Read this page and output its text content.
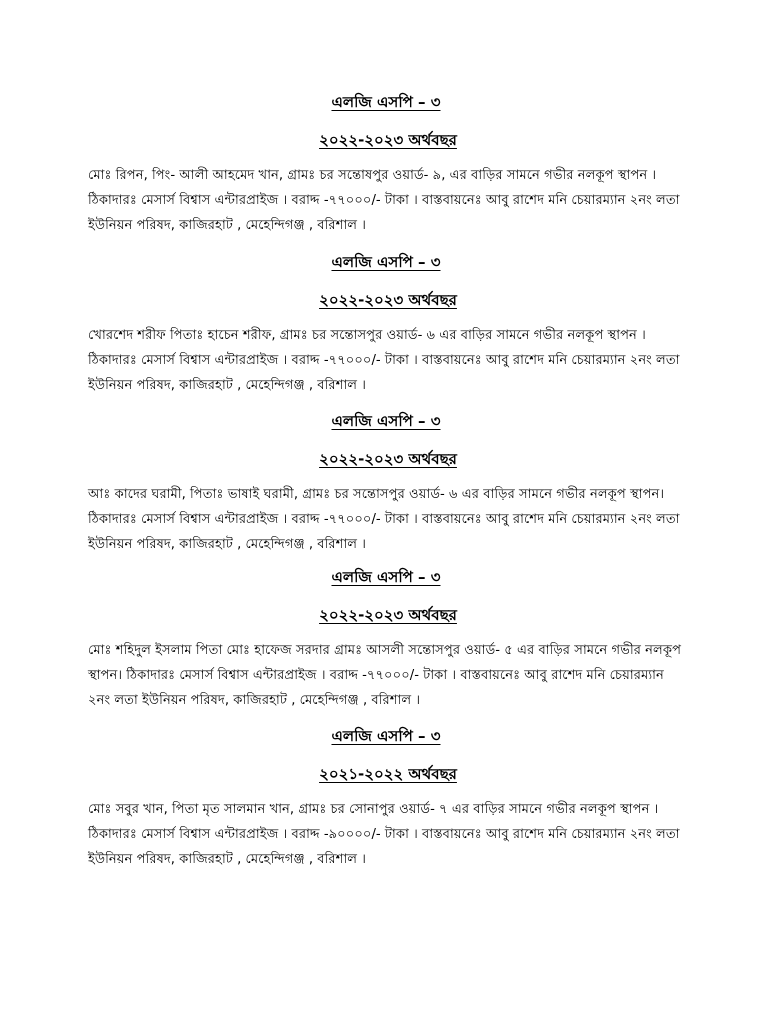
এলজি এসপি – ৩

২০২২-২০২৩ অর্থবছর

মোঃ রিপন, পিং- আলী আহমেদ খান, গ্রামঃ চর সন্তোষপুর ওয়ার্ড- ৯, এর বাড়ির সামনে গভীর নলকূপ স্থাপন । ঠিকাদারঃ মেসার্স বিশ্বাস এন্টারপ্রাইজ । বরাদ্দ -৭৭০০০/- টাকা । বাস্তবায়নেঃ আবু রাশেদ মনি চেয়ারম্যান ২নং লতা ইউনিয়ন পরিষদ, কাজিরহাট , মেহেন্দিগঞ্জ , বরিশাল ।

এলজি এসপি – ৩

২০২২-২০২৩ অর্থবছর

খোরশেদ শরীফ পিতাঃ হাচেন শরীফ, গ্রামঃ চর সন্তোসপুর ওয়ার্ড- ৬ এর বাড়ির সামনে গভীর নলকূপ স্থাপন । ঠিকাদারঃ মেসার্স বিশ্বাস এন্টারপ্রাইজ । বরাদ্দ -৭৭০০০/- টাকা । বাস্তবায়নেঃ আবু রাশেদ মনি চেয়ারম্যান ২নং লতা ইউনিয়ন পরিষদ, কাজিরহাট , মেহেন্দিগঞ্জ , বরিশাল ।

এলজি এসপি – ৩

২০২২-২০২৩ অর্থবছর

আঃ কাদের ঘরামী, পিতাঃ ভাষাই ঘরামী, গ্রামঃ চর সন্তোসপুর ওয়ার্ড- ৬ এর বাড়ির সামনে গভীর নলকূপ স্থাপন। ঠিকাদারঃ মেসার্স বিশ্বাস এন্টারপ্রাইজ । বরাদ্দ -৭৭০০০/- টাকা । বাস্তবায়নেঃ আবু রাশেদ মনি চেয়ারম্যান ২নং লতা ইউনিয়ন পরিষদ, কাজিরহাট , মেহেন্দিগঞ্জ , বরিশাল ।

এলজি এসপি – ৩

২০২২-২০২৩ অর্থবছর

মোঃ শহিদুল ইসলাম পিতা মোঃ হাফেজ সরদার গ্রামঃ আসলী সন্তোসপুর ওয়ার্ড- ৫ এর বাড়ির সামনে গভীর নলকূপ স্থাপন। ঠিকাদারঃ মেসার্স বিশ্বাস এন্টারপ্রাইজ । বরাদ্দ -৭৭০০০/- টাকা । বাস্তবায়নেঃ আবু রাশেদ মনি চেয়ারম্যান ২নং লতা ইউনিয়ন পরিষদ, কাজিরহাট , মেহেন্দিগঞ্জ , বরিশাল ।

এলজি এসপি – ৩

২০২১-২০২২ অর্থবছর

মোঃ সবুর খান, পিতা মৃত সালমান খান, গ্রামঃ চর সোনাপুর ওয়ার্ড- ৭ এর বাড়ির সামনে গভীর নলকূপ স্থাপন । ঠিকাদারঃ মেসার্স বিশ্বাস এন্টারপ্রাইজ । বরাদ্দ -৯০০০০/- টাকা । বাস্তবায়নেঃ আবু রাশেদ মনি চেয়ারম্যান ২নং লতা ইউনিয়ন পরিষদ, কাজিরহাট , মেহেন্দিগঞ্জ , বরিশাল ।
